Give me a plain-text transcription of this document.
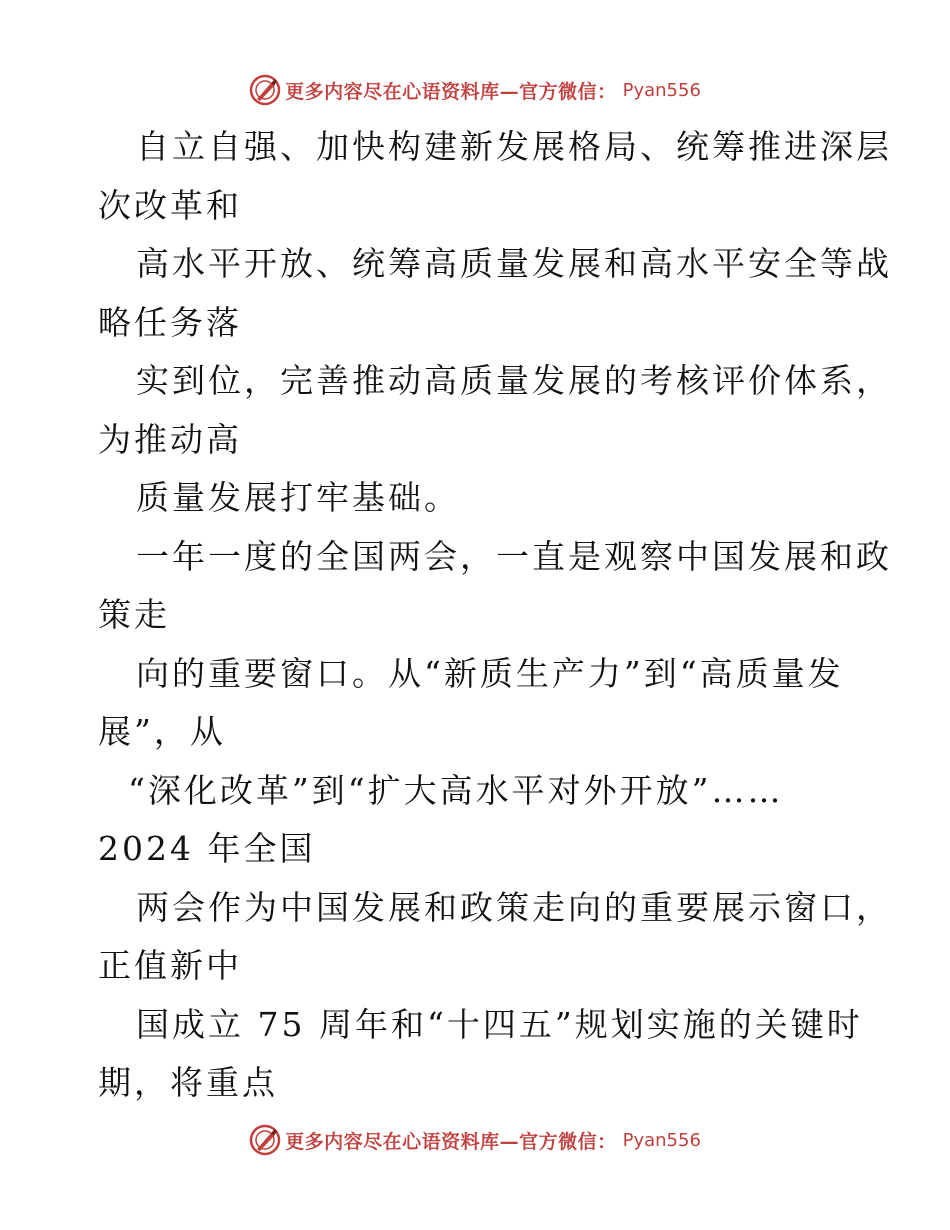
更多内容尽在心语资料库—官方微信： Pyan556
自立自强、加快构建新发展格局、统筹推进深层
次改革和
高水平开放、统筹高质量发展和高水平安全等战
略任务落
实到位，完善推动高质量发展的考核评价体系，
为推动高
质量发展打牢基础。
一年一度的全国两会，一直是观察中国发展和政
策走
向的重要窗口。从“新质生产力”到“高质量发
展”，从
“深化改革”到“扩大高水平对外开放”……
2024 年全国
两会作为中国发展和政策走向的重要展示窗口，
正值新中
国成立 75 周年和“十四五”规划实施的关键时
期，将重点
更多内容尽在心语资料库—官方微信： Pyan556
